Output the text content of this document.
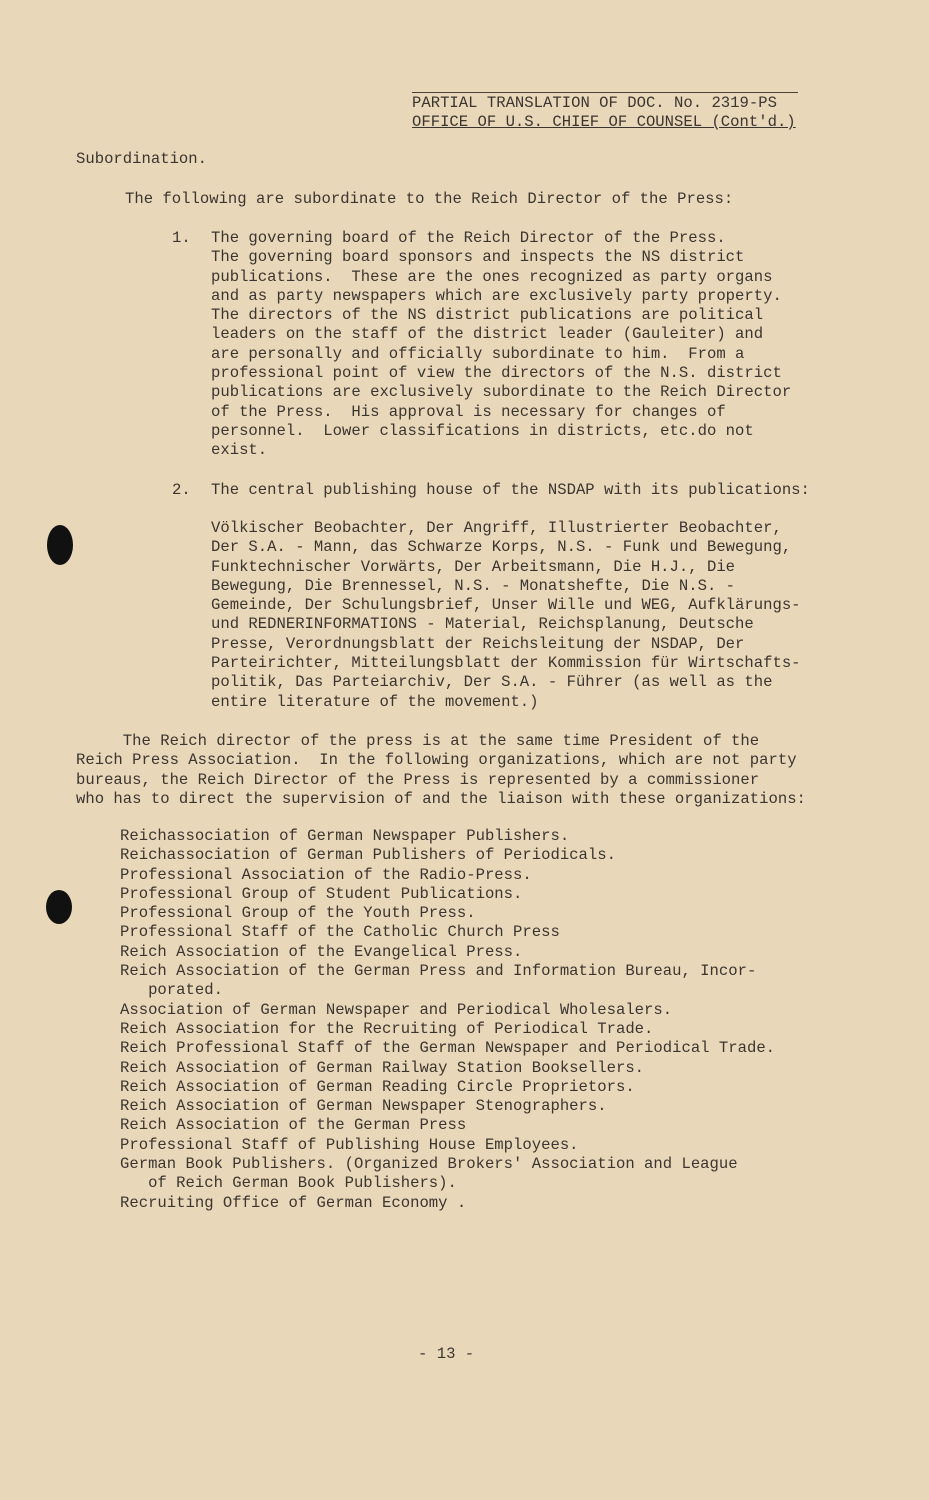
PARTIAL TRANSLATION OF DOC. No. 2319-PS
OFFICE OF U.S. CHIEF OF COUNSEL (Cont'd.)
Subordination.
The following are subordinate to the Reich Director of the Press:
1. The governing board of the Reich Director of the Press.
The governing board sponsors and inspects the NS district
publications.  These are the ones recognized as party organs
and as party newspapers which are exclusively party property.
The directors of the NS district publications are political
leaders on the staff of the district leader (Gauleiter) and
are personally and officially subordinate to him.  From a
professional point of view the directors of the N.S. district
publications are exclusively subordinate to the Reich Director
of the Press.  His approval is necessary for changes of
personnel.  Lower classifications in districts, etc.do not
exist.
2. The central publishing house of the NSDAP with its publications:
Völkischer Beobachter, Der Angriff, Illustrierter Beobachter,
Der S.A. - Mann, das Schwarze Korps, N.S. - Funk und Bewegung,
Funktechnischer Vorwärts, Der Arbeitsmann, Die H.J., Die
Bewegung, Die Brennessel, N.S. - Monatshefte, Die N.S. -
Gemeinde, Der Schulungsbrief, Unser Wille und WEG, Aufklärungs-
und REDNERINFORMATIONS - Material, Reichsplanung, Deutsche
Presse, Verordnungsblatt der Reichsleitung der NSDAP, Der
Parteirichter, Mitteilungsblatt der Kommission für Wirtschafts-
politik, Das Parteiarchiv, Der S.A. - Führer (as well as the
entire literature of the movement.)
The Reich director of the press is at the same time President of the
Reich Press Association.  In the following organizations, which are not party
bureaus, the Reich Director of the Press is represented by a commissioner
who has to direct the supervision of and the liaison with these organizations:
Reichassociation of German Newspaper Publishers.
Reichassociation of German Publishers of Periodicals.
Professional Association of the Radio-Press.
Professional Group of Student Publications.
Professional Group of the Youth Press.
Professional Staff of the Catholic Church Press
Reich Association of the Evangelical Press.
Reich Association of the German Press and Information Bureau, Incor-
porated.
Association of German Newspaper and Periodical Wholesalers.
Reich Association for the Recruiting of Periodical Trade.
Reich Professional Staff of the German Newspaper and Periodical Trade.
Reich Association of German Railway Station Booksellers.
Reich Association of German Reading Circle Proprietors.
Reich Association of German Newspaper Stenographers.
Reich Association of the German Press
Professional Staff of Publishing House Employees.
German Book Publishers. (Organized Brokers' Association and League
of Reich German Book Publishers).
Recruiting Office of German Economy .
- 13 -
